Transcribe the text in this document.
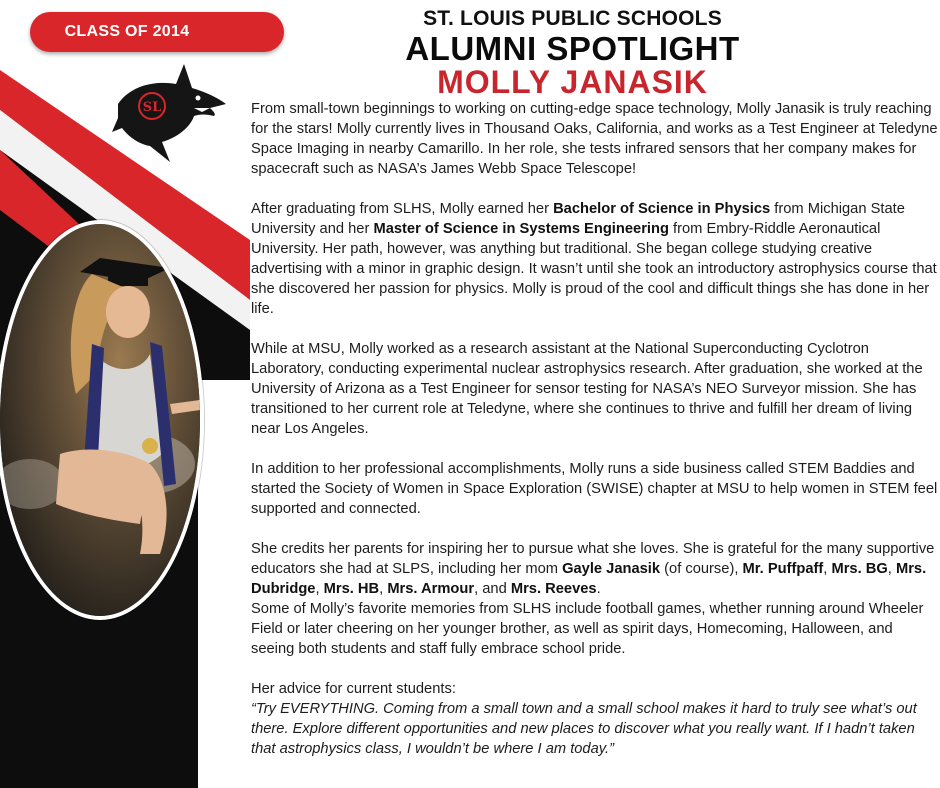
CLASS OF 2014
SL
ST. LOUIS PUBLIC SCHOOLS
ALUMNI SPOTLIGHT
MOLLY JANASIK

From small-town beginnings to working on cutting-edge space technology, Molly Janasik is truly reaching for the stars! Molly currently lives in Thousand Oaks, California, and works as a Test Engineer at Teledyne Space Imaging in nearby Camarillo. In her role, she tests infrared sensors that her company makes for spacecraft such as NASA’s James Webb Space Telescope!

After graduating from SLHS, Molly earned her Bachelor of Science in Physics from Michigan State University and her Master of Science in Systems Engineering from Embry-Riddle Aeronautical University. Her path, however, was anything but traditional. She began college studying creative advertising with a minor in graphic design. It wasn’t until she took an introductory astrophysics course that she discovered her passion for physics. Molly is proud of the cool and difficult things she has done in her life.

While at MSU, Molly worked as a research assistant at the National Superconducting Cyclotron Laboratory, conducting experimental nuclear astrophysics research. After graduation, she worked at the University of Arizona as a Test Engineer for sensor testing for NASA’s NEO Surveyor mission. She has transitioned to her current role at Teledyne, where she continues to thrive and fulfill her dream of living near Los Angeles.

In addition to her professional accomplishments, Molly runs a side business called STEM Baddies and started the Society of Women in Space Exploration (SWISE) chapter at MSU to help women in STEM feel supported and connected.

She credits her parents for inspiring her to pursue what she loves. She is grateful for the many supportive educators she had at SLPS, including her mom Gayle Janasik (of course), Mr. Puffpaff, Mrs. BG, Mrs. Dubridge, Mrs. HB, Mrs. Armour, and Mrs. Reeves.
Some of Molly’s favorite memories from SLHS include football games, whether running around Wheeler Field or later cheering on her younger brother, as well as spirit days, Homecoming, Halloween, and seeing both students and staff fully embrace school pride.

Her advice for current students:

“Try EVERYTHING. Coming from a small town and a small school makes it hard to truly see what’s out there. Explore different opportunities and new places to discover what you really want. If I hadn’t taken that astrophysics class, I wouldn’t be where I am today.”
